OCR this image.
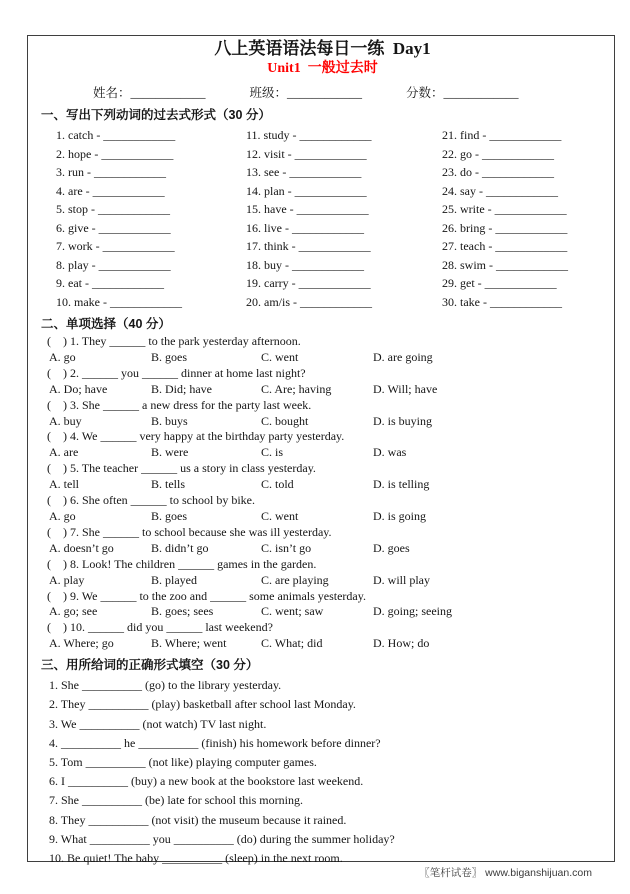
八上英语语法每日一练  Day1
Unit1  一般过去时
姓名：____________	班级：____________	分数：____________
一、写出下列动词的过去式形式（30 分）
1. catch - ____________
2. hope - ____________
3. run - ____________
4. are - ____________
5. stop - ____________
6. give - ____________
7. work - ____________
8. play - ____________
9. eat - ____________
10. make - ____________
11. study - ____________
12. visit - ____________
13. see - ____________
14. plan - ____________
15. have - ____________
16. live - ____________
17. think - ____________
18. buy - ____________
19. carry - ____________
20. am/is - ____________
21. find - ____________
22. go - ____________
23. do - ____________
24. say - ____________
25. write - ____________
26. bring - ____________
27. teach - ____________
28. swim - ____________
29. get - ____________
30. take - ____________
二、单项选择（40 分）
(    ) 1. They ______ to the park yesterday afternoon.
A. go	B. goes	C. went	D. are going
(    ) 2. ______ you ______ dinner at home last night?
A. Do; have	B. Did; have	C. Are; having	D. Will; have
(    ) 3. She ______ a new dress for the party last week.
A. buy	B. buys	C. bought	D. is buying
(    ) 4. We ______ very happy at the birthday party yesterday.
A. are	B. were	C. is	D. was
(    ) 5. The teacher ______ us a story in class yesterday.
A. tell	B. tells	C. told	D. is telling
(    ) 6. She often ______ to school by bike.
A. go	B. goes	C. went	D. is going
(    ) 7. She ______ to school because she was ill yesterday.
A. doesn’t go	B. didn’t go	C. isn’t go	D. goes
(    ) 8. Look! The children ______ games in the garden.
A. play	B. played	C. are playing	D. will play
(    ) 9. We ______ to the zoo and ______ some animals yesterday.
A. go; see	B. goes; sees	C. went; saw	D. going; seeing
(    ) 10. ______ did you ______ last weekend?
A. Where; go	B. Where; went	C. What; did	D. How; do
三、用所给词的正确形式填空（30 分）
1. She __________ (go) to the library yesterday.
2. They __________ (play) basketball after school last Monday.
3. We __________ (not watch) TV last night.
4. __________ he __________ (finish) his homework before dinner?
5. Tom __________ (not like) playing computer games.
6. I __________ (buy) a new book at the bookstore last weekend.
7. She __________ (be) late for school this morning.
8. They __________ (not visit) the museum because it rained.
9. What __________ you __________ (do) during the summer holiday?
10. Be quiet! The baby __________ (sleep) in the next room.
〖笔杆试卷〗 www.biganshijuan.com
